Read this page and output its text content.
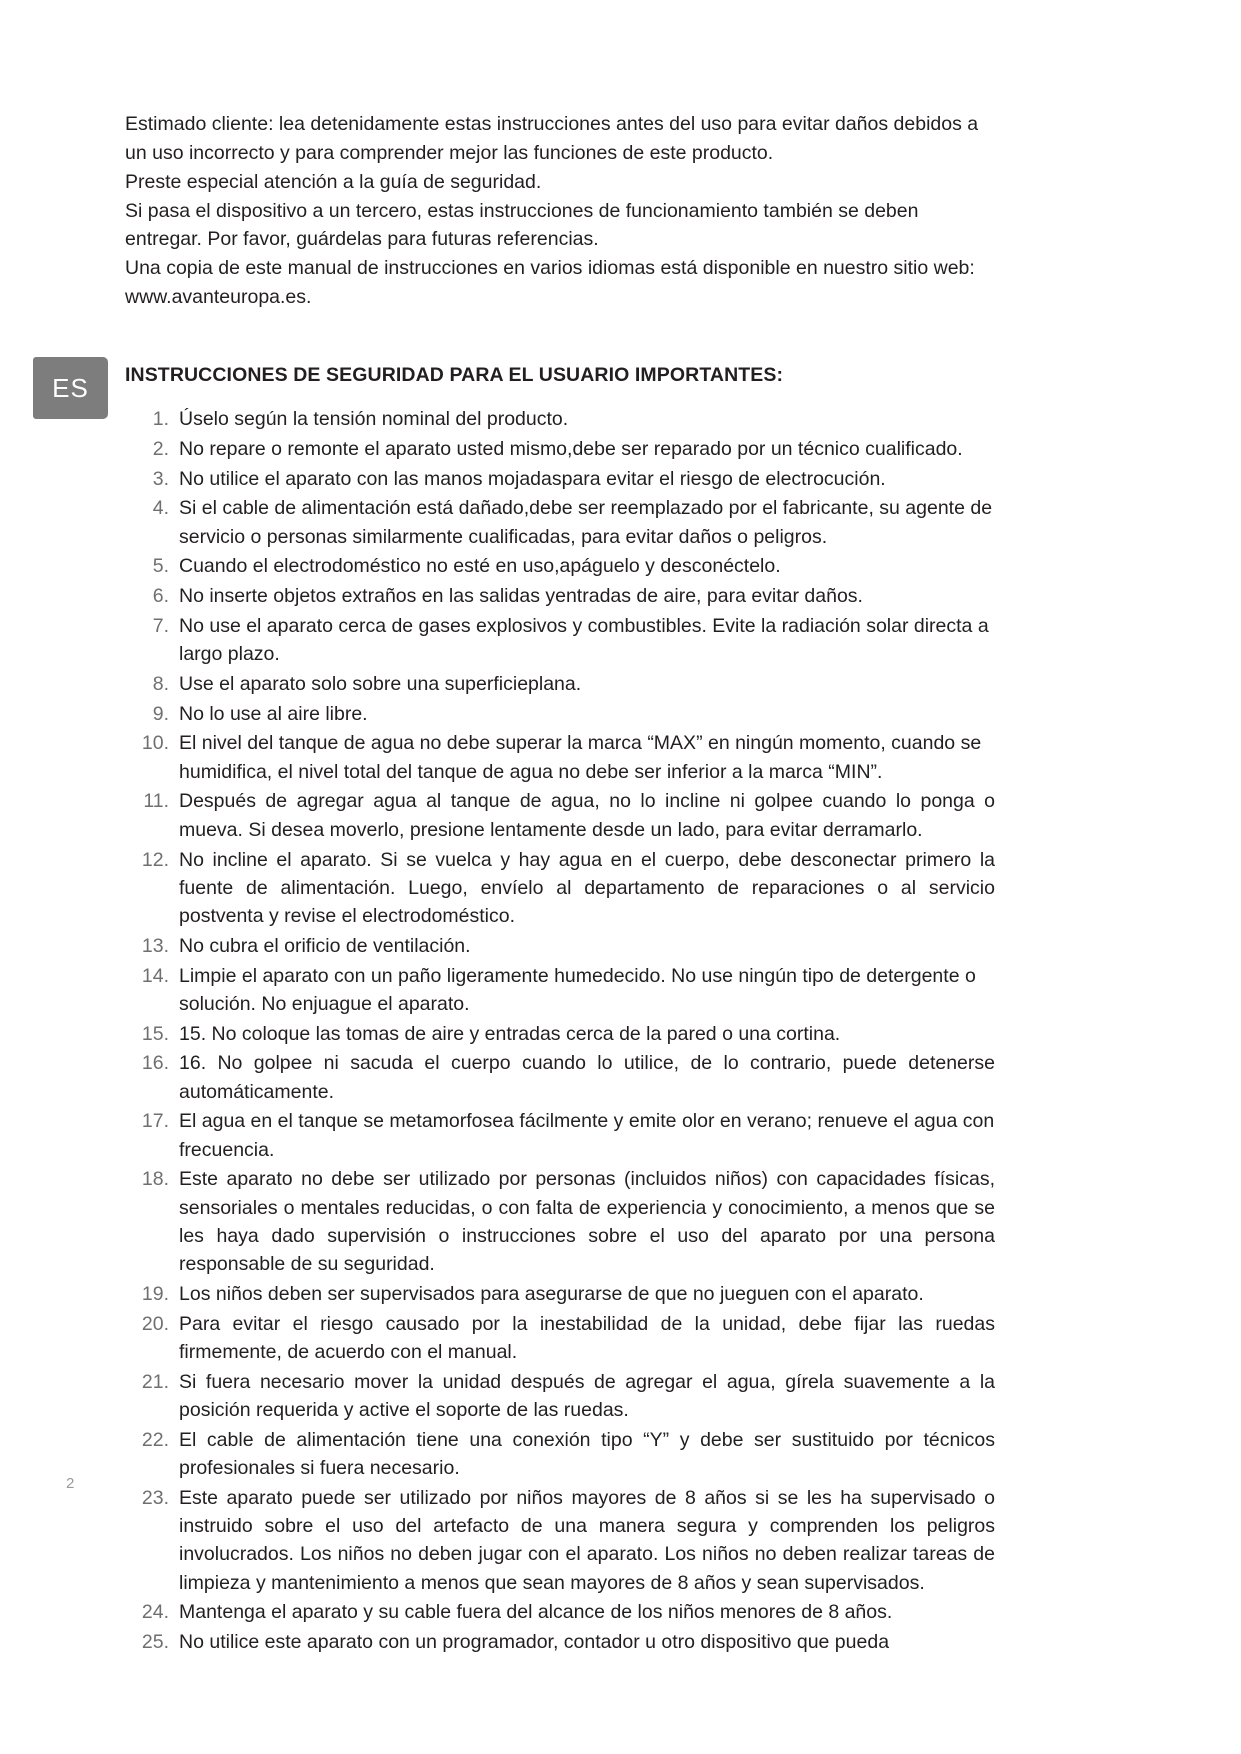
ES

Estimado cliente: lea detenidamente estas instrucciones antes del uso para evitar daños debidos a un uso incorrecto y para comprender mejor las funciones de este producto.

Preste especial atención a la guía de seguridad.

Si pasa el dispositivo a un tercero, estas instrucciones de funcionamiento también se deben entregar. Por favor, guárdelas para futuras referencias.

Una copia de este manual de instrucciones en varios idiomas está disponible en nuestro sitio web: www.avanteuropa.es.

INSTRUCCIONES DE SEGURIDAD PARA EL USUARIO IMPORTANTES:
Úselo según la tensión nominal del producto.
No repare o remonte el aparato usted mismo,debe ser reparado por un técnico cualificado.
No utilice el aparato con las manos mojadaspara evitar el riesgo de electrocución.
Si el cable de alimentación está dañado,debe ser reemplazado por el fabricante, su agente de servicio o personas similarmente cualificadas, para evitar daños o peligros.
Cuando el electrodoméstico no esté en uso,apáguelo y desconéctelo.
No inserte objetos extraños en las salidas yentradas de aire, para evitar daños.
No use el aparato cerca de gases explosivos y combustibles. Evite la radiación solar directa a largo plazo.
Use el aparato solo sobre una superficieplana.
No lo use al aire libre.
El nivel del tanque de agua no debe superar la marca “MAX” en ningún momento, cuando se humidifica, el nivel total del tanque de agua no debe ser inferior a la marca “MIN”.
Después de agregar agua al tanque de agua, no lo incline ni golpee cuando lo ponga o mueva. Si desea moverlo, presione lentamente desde un lado, para evitar derramarlo.
No incline el aparato. Si se vuelca y hay agua en el cuerpo, debe desconectar primero la fuente de alimentación. Luego, envíelo al departamento de reparaciones o al servicio postventa y revise el electrodoméstico.
No cubra el orificio de ventilación.
Limpie el aparato con un paño ligeramente humedecido. No use ningún tipo de detergente o solución. No enjuague el aparato.
15. No coloque las tomas de aire y entradas cerca de la pared o una cortina.
16. No golpee ni sacuda el cuerpo cuando lo utilice, de lo contrario, puede detenerse automáticamente.
El agua en el tanque se metamorfosea fácilmente y emite olor en verano; renueve el agua con frecuencia.
Este aparato no debe ser utilizado por personas (incluidos niños) con capacidades físicas, sensoriales o mentales reducidas, o con falta de experiencia y conocimiento, a menos que se les haya dado supervisión o instrucciones sobre el uso del aparato por una persona responsable de su seguridad.
Los niños deben ser supervisados para asegurarse de que no jueguen con el aparato.
Para evitar el riesgo causado por la inestabilidad de la unidad, debe fijar las ruedas firmemente, de acuerdo con el manual.
Si fuera necesario mover la unidad después de agregar el agua, gírela suavemente a la posición requerida y active el soporte de las ruedas.
El cable de alimentación tiene una conexión tipo “Y” y debe ser sustituido por técnicos profesionales si fuera necesario.
Este aparato puede ser utilizado por niños mayores de 8 años si se les ha supervisado o instruido sobre el uso del artefacto de una manera segura y comprenden los peligros involucrados. Los niños no deben jugar con el aparato. Los niños no deben realizar tareas de limpieza y mantenimiento a menos que sean mayores de 8 años y sean supervisados.
Mantenga el aparato y su cable fuera del alcance de los niños menores de 8 años.
No utilice este aparato con un programador, contador u otro dispositivo que pueda
2
